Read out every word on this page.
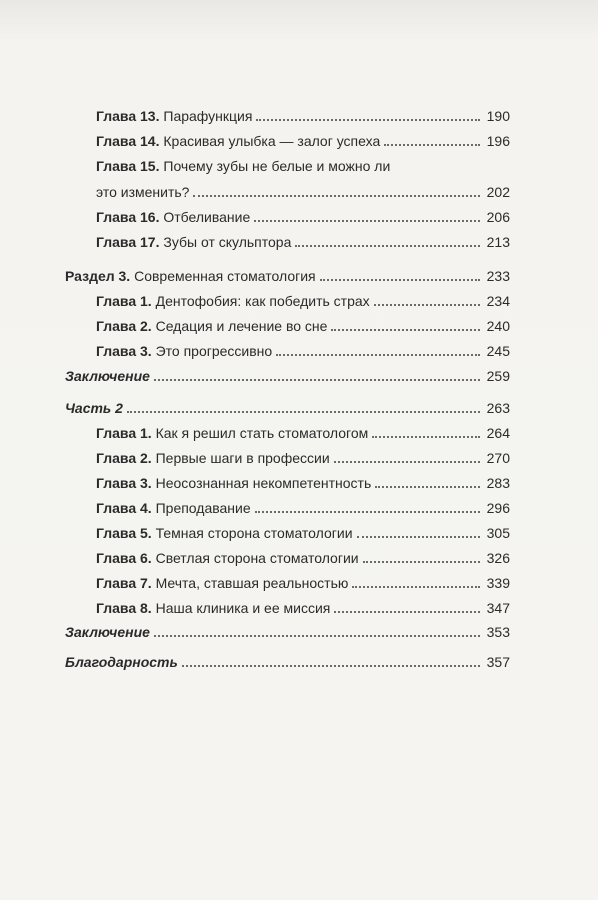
Глава 13. Парафункция	190
Глава 14. Красивая улыбка — залог успеха	196
Глава 15. Почему зубы не белые и можно ли
это изменить?	202
Глава 16. Отбеливание	206
Глава 17. Зубы от скульптора	213
Раздел 3. Современная стоматология	233
Глава 1. Дентофобия: как победить страх	234
Глава 2. Седация и лечение во сне	240
Глава 3. Это прогрессивно	245
Заключение	259
Часть 2	263
Глава 1. Как я решил стать стоматологом	264
Глава 2. Первые шаги в профессии	270
Глава 3. Неосознанная некомпетентность	283
Глава 4. Преподавание	296
Глава 5. Темная сторона стоматологии	305
Глава 6. Светлая сторона стоматологии	326
Глава 7. Мечта, ставшая реальностью	339
Глава 8. Наша клиника и ее миссия	347
Заключение	353
Благодарность	357
